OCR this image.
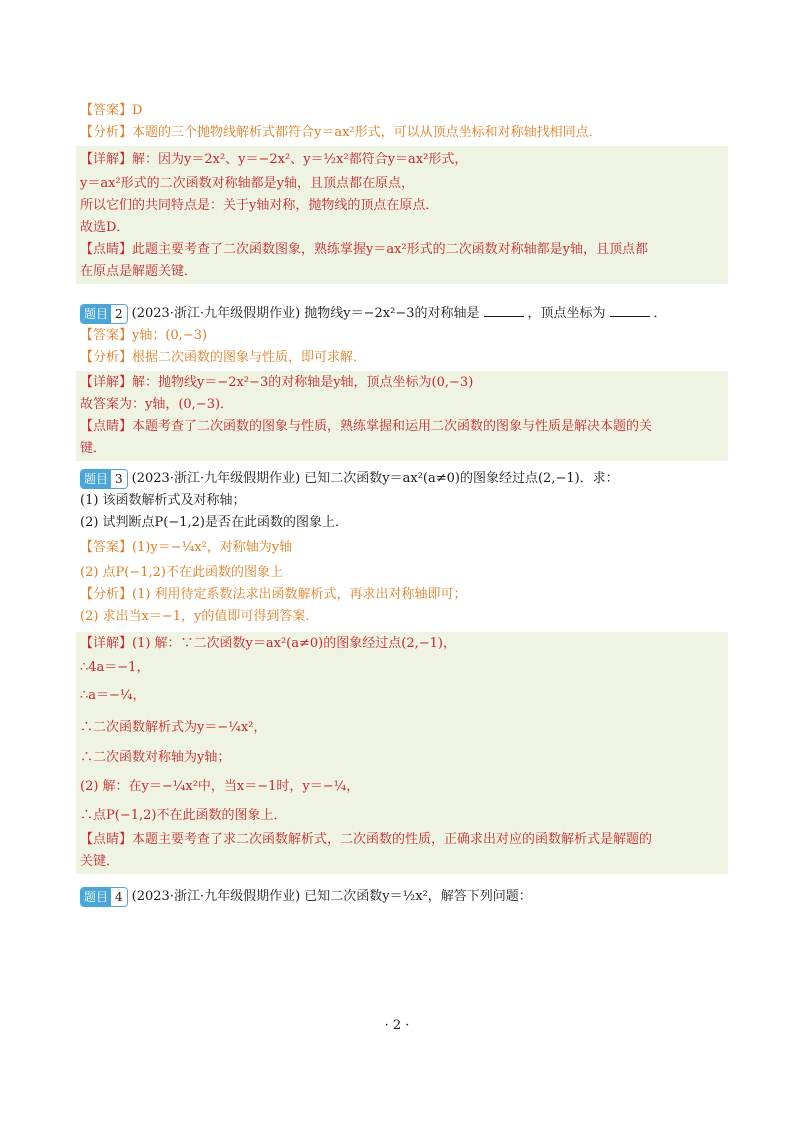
【答案】D
【分析】本题的三个抛物线解析式都符合y＝ax²形式，可以从顶点坐标和对称轴找相同点．
【详解】解：因为y＝2x²、y＝−2x²、y＝½x²都符合y＝ax²形式，
y＝ax²形式的二次函数对称轴都是y轴，且顶点都在原点，
所以它们的共同特点是：关于y轴对称，抛物线的顶点在原点．
故选D．
【点睛】此题主要考查了二次函数图象，熟练掌握y＝ax²形式的二次函数对称轴都是y轴，且顶点都
在原点是解题关键．
题目 2 (2023·浙江·九年级假期作业) 抛物线y＝−2x²−3的对称轴是	，顶点坐标为	．
【答案】y轴；(0,−3)
【分析】根据二次函数的图象与性质，即可求解．
【详解】解：抛物线y＝−2x²−3的对称轴是y轴，顶点坐标为(0,−3)
故答案为：y轴，(0,−3)．
【点睛】本题考查了二次函数的图象与性质，熟练掌握和运用二次函数的图象与性质是解决本题的关
键．
题目 3 (2023·浙江·九年级假期作业) 已知二次函数y＝ax²(a≠0)的图象经过点(2,−1)．求：
(1) 该函数解析式及对称轴；
(2) 试判断点P(−1,2)是否在此函数的图象上．
【答案】(1)y＝−¼x²，对称轴为y轴
(2) 点P(−1,2)不在此函数的图象上
【分析】(1) 利用待定系数法求出函数解析式，再求出对称轴即可；
(2) 求出当x＝−1，y的值即可得到答案．
【详解】(1) 解：∵二次函数y＝ax²(a≠0)的图象经过点(2,−1)，
∴4a＝−1，
∴a＝−¼，
∴二次函数解析式为y＝−¼x²，
∴二次函数对称轴为y轴；
(2) 解：在y＝−¼x²中，当x＝−1时，y＝−¼，
∴点P(−1,2)不在此函数的图象上．
【点睛】本题主要考查了求二次函数解析式，二次函数的性质，正确求出对应的函数解析式是解题的
关键．
题目 4 (2023·浙江·九年级假期作业) 已知二次函数y＝½x²，解答下列问题：
· 2 ·
